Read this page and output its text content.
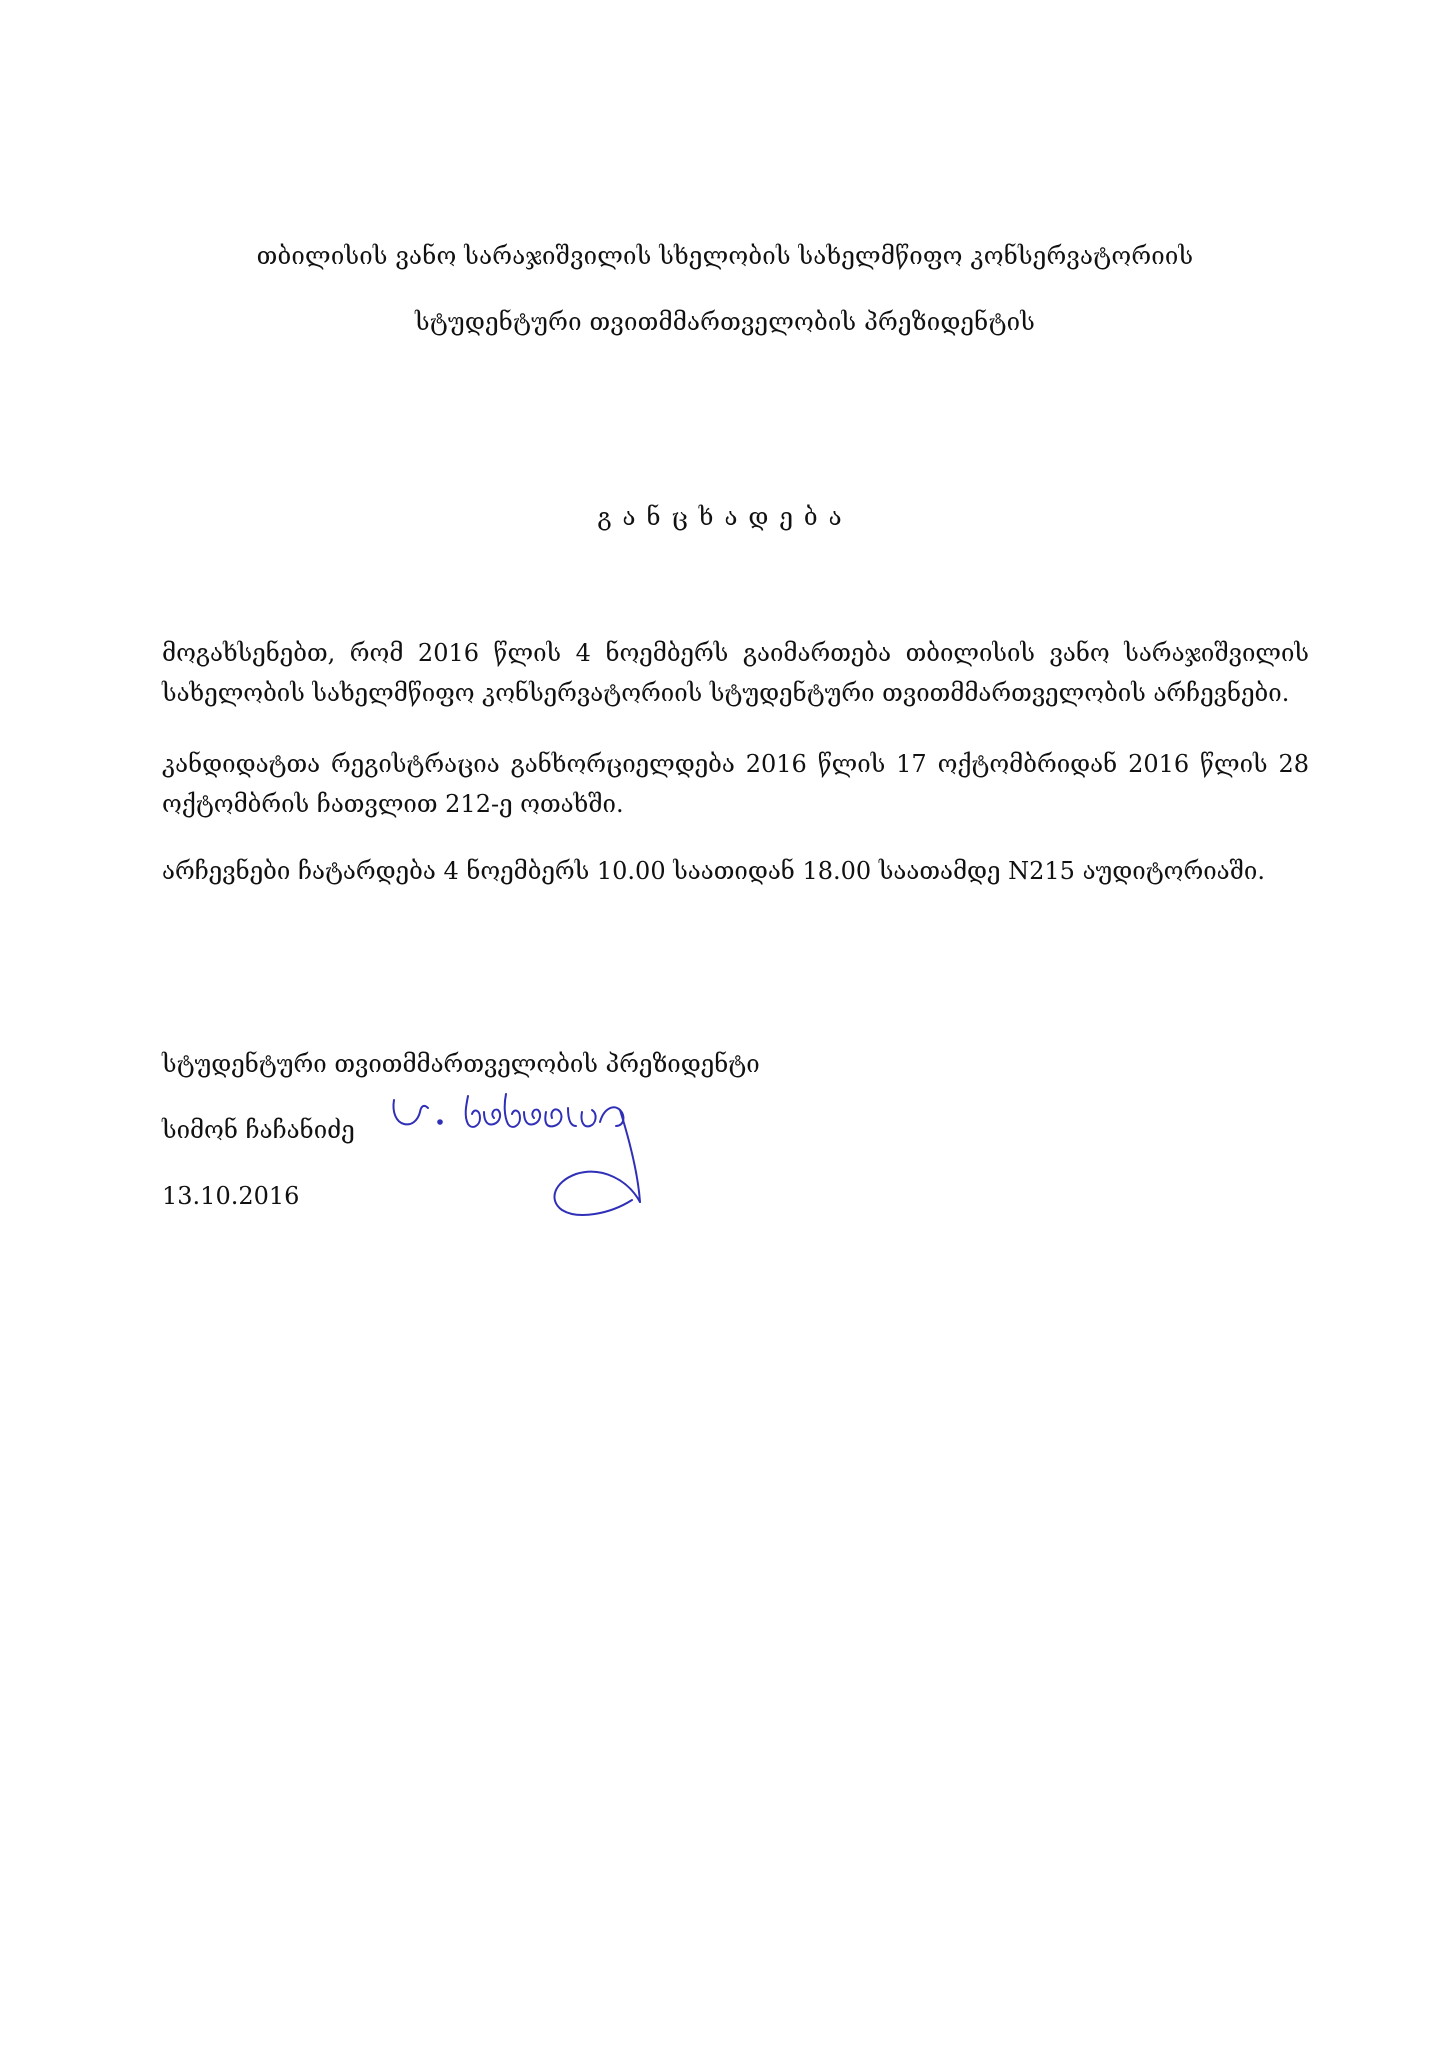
თბილისის ვანო სარაჯიშვილის სხელობის სახელმწიფო კონსერვატორიის
სტუდენტური თვითმმართველობის პრეზიდენტის
განცხადება
მოგახსენებთ, რომ 2016 წლის 4 ნოემბერს გაიმართება თბილისის ვანო სარაჯიშვილის სახელობის სახელმწიფო კონსერვატორიის სტუდენტური თვითმმართველობის არჩევნები.
კანდიდატთა რეგისტრაცია განხორციელდება 2016 წლის 17 ოქტომბრიდან 2016 წლის 28 ოქტომბრის ჩათვლით 212-ე ოთახში.
არჩევნები ჩატარდება 4 ნოემბერს 10.00 საათიდან 18.00 საათამდე N215 აუდიტორიაში.
სტუდენტური თვითმმართველობის პრეზიდენტი
სიმონ ჩაჩანიძე
13.10.2016
